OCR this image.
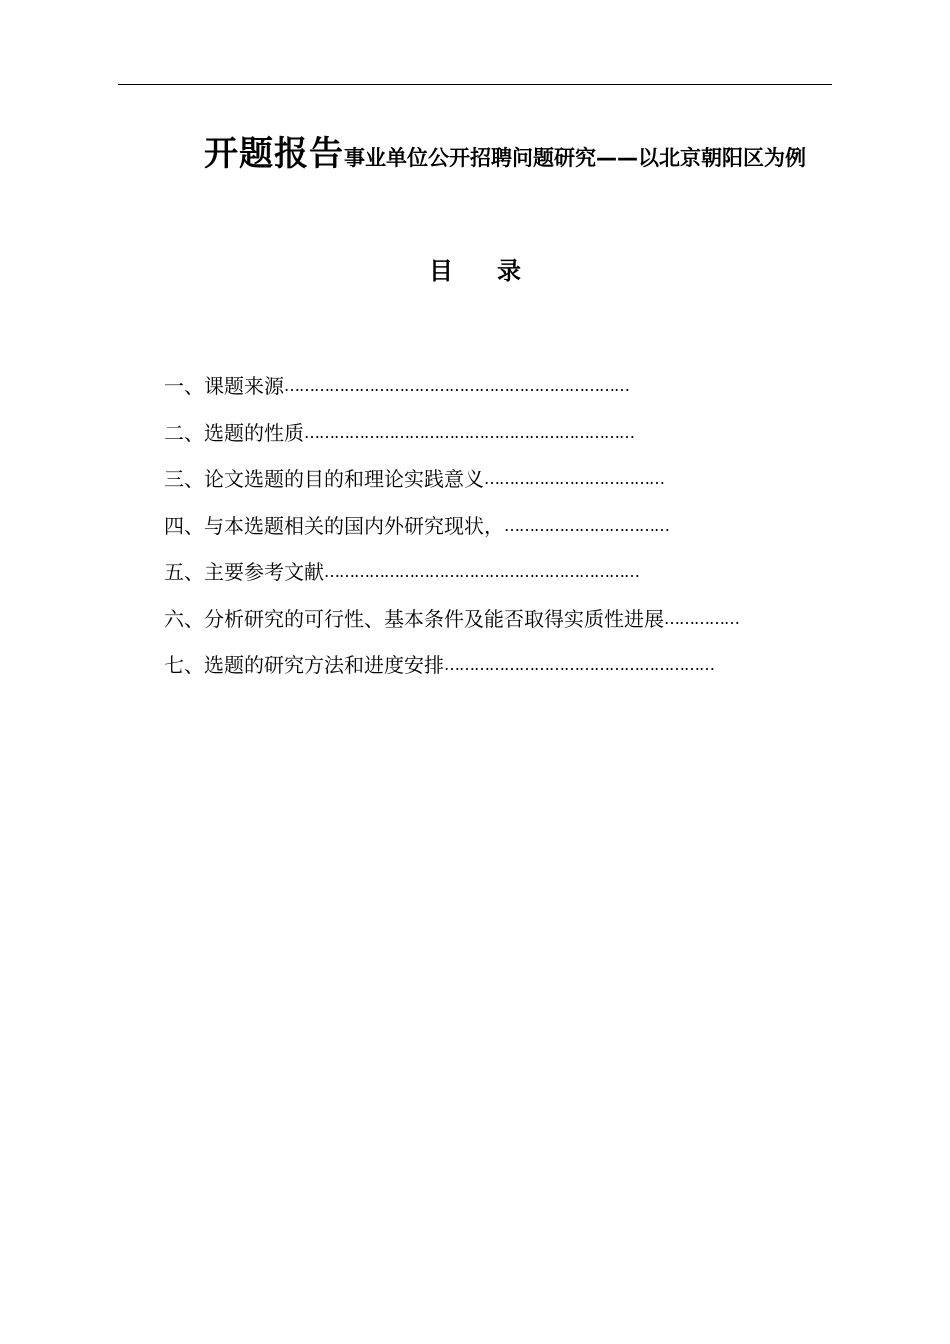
开题报告事业单位公开招聘问题研究——以北京朝阳区为例
目录
一、课题来源 ……………………………………………………………
二、选题的性质 …………………………………………………………
三、论文选题的目的和理论实践意义 ………………………………
四、与本选题相关的国内外研究现状， ……………………………
五、主要参考文献 ………………………………………………………
六、分析研究的可行性、基本条件及能否取得实质性进展 ……………
七、选题的研究方法和进度安排 ………………………………………………
